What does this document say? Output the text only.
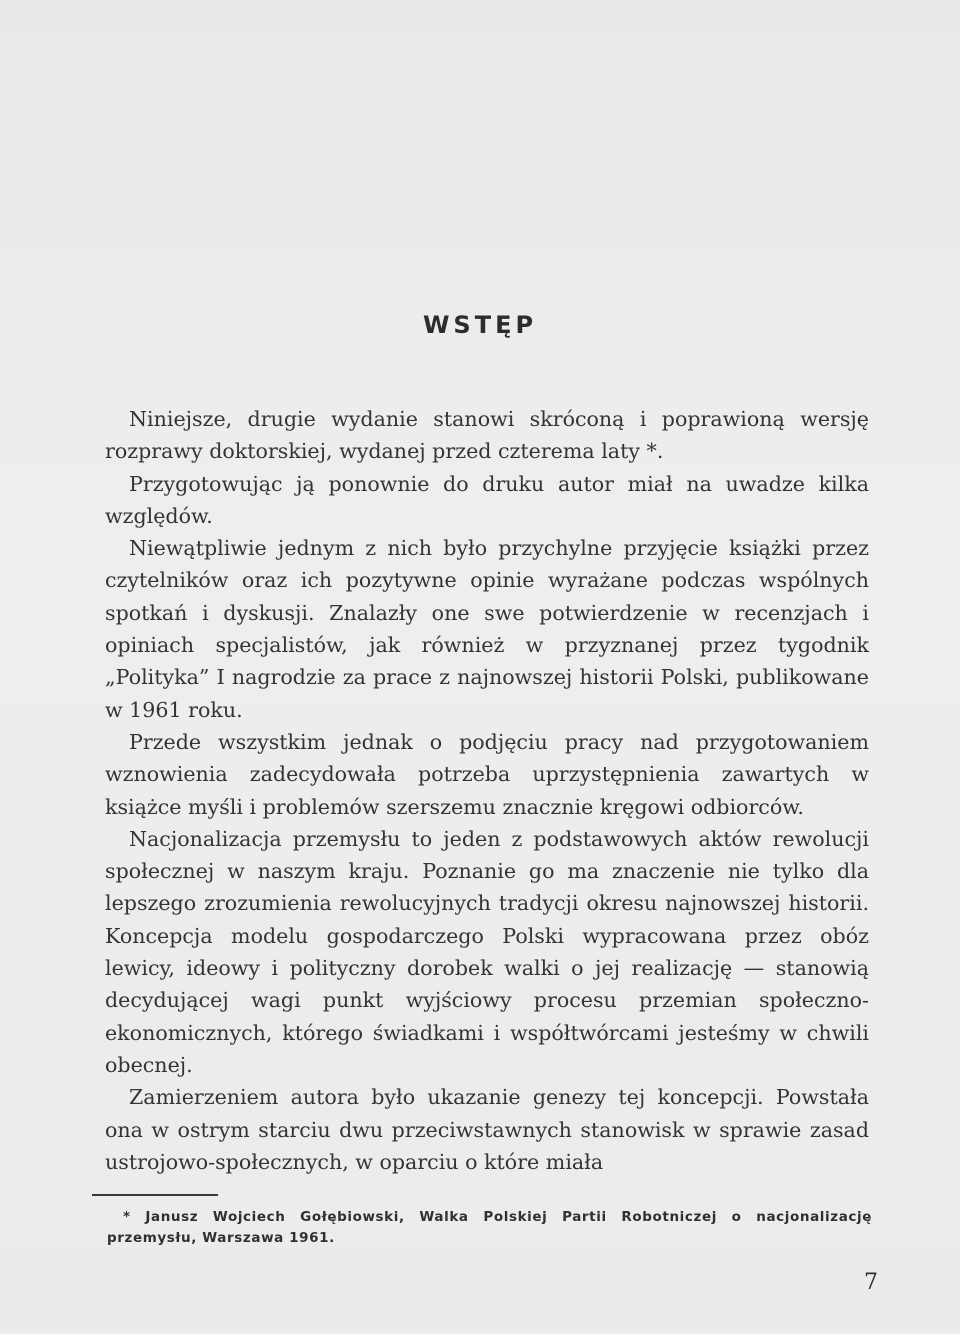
WSTĘP

Niniejsze, drugie wydanie stanowi skróconą i poprawioną wersję rozprawy doktorskiej, wydanej przed czterema laty *.

Przygotowując ją ponownie do druku autor miał na uwadze kilka względów.

Niewątpliwie jednym z nich było przychylne przyjęcie książki przez czytelników oraz ich pozytywne opinie wyrażane podczas wspólnych spotkań i dyskusji. Znalazły one swe potwierdzenie w recenzjach i opiniach specjalistów, jak również w przyznanej przez tygodnik „Polityka” I nagrodzie za prace z najnowszej historii Polski, publikowane w 1961 roku.

Przede wszystkim jednak o podjęciu pracy nad przygotowaniem wznowienia zadecydowała potrzeba uprzystępnienia zawartych w książce myśli i problemów szerszemu znacznie kręgowi odbiorców.

Nacjonalizacja przemysłu to jeden z podstawowych aktów rewolucji społecznej w naszym kraju. Poznanie go ma znaczenie nie tylko dla lepszego zrozumienia rewolucyjnych tradycji okresu najnowszej historii. Koncepcja modelu gospodarczego Polski wypracowana przez obóz lewicy, ideowy i polityczny dorobek walki o jej realizację — stanowią decydującej wagi punkt wyjściowy procesu przemian społeczno-ekonomicznych, którego świadkami i współtwórcami jesteśmy w chwili obecnej.

Zamierzeniem autora było ukazanie genezy tej koncepcji. Powstała ona w ostrym starciu dwu przeciwstawnych stanowisk w sprawie zasad ustrojowo-społecznych, w oparciu o które miała

* Janusz Wojciech Gołębiowski, Walka Polskiej Partii Robotniczej o nacjonalizację przemysłu, Warszawa 1961.

7
